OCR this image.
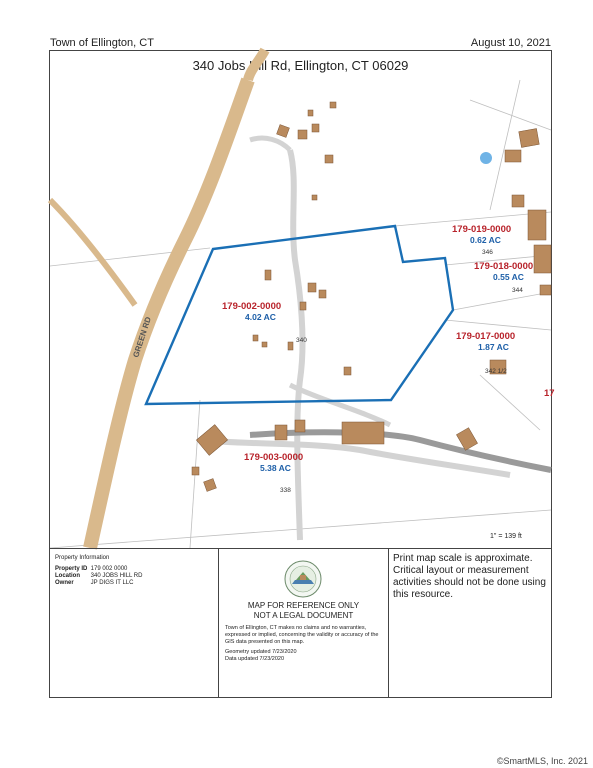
Town of Ellington, CT	August 10, 2021
340 Jobs Hill Rd, Ellington, CT 06029
GREEN RD
179-019-0000
0.62 AC
346
179-018-0000
0.55 AC
344
179-002-0000
4.02 AC
340	179-017-0000
1.87 AC
342 1/2
17
179-003-0000
5.38 AC
338
1" = 139 ft
Property Information
Property ID 179 002 0000
Location 340 JOBS HILL RD
Owner	JP DIGS IT LLC
MAP FOR REFERENCE ONLY
NOT A LEGAL DOCUMENT
Town of Ellington, CT makes no claims and no warranties, expressed or implied, concerning the validity or accuracy of the GIS data presented on this map.
Geometry updated 7/23/2020
Data updated 7/23/2020
Print map scale is approximate. Critical layout or measurement activities should not be done using this resource.
©SmartMLS, Inc. 2021
